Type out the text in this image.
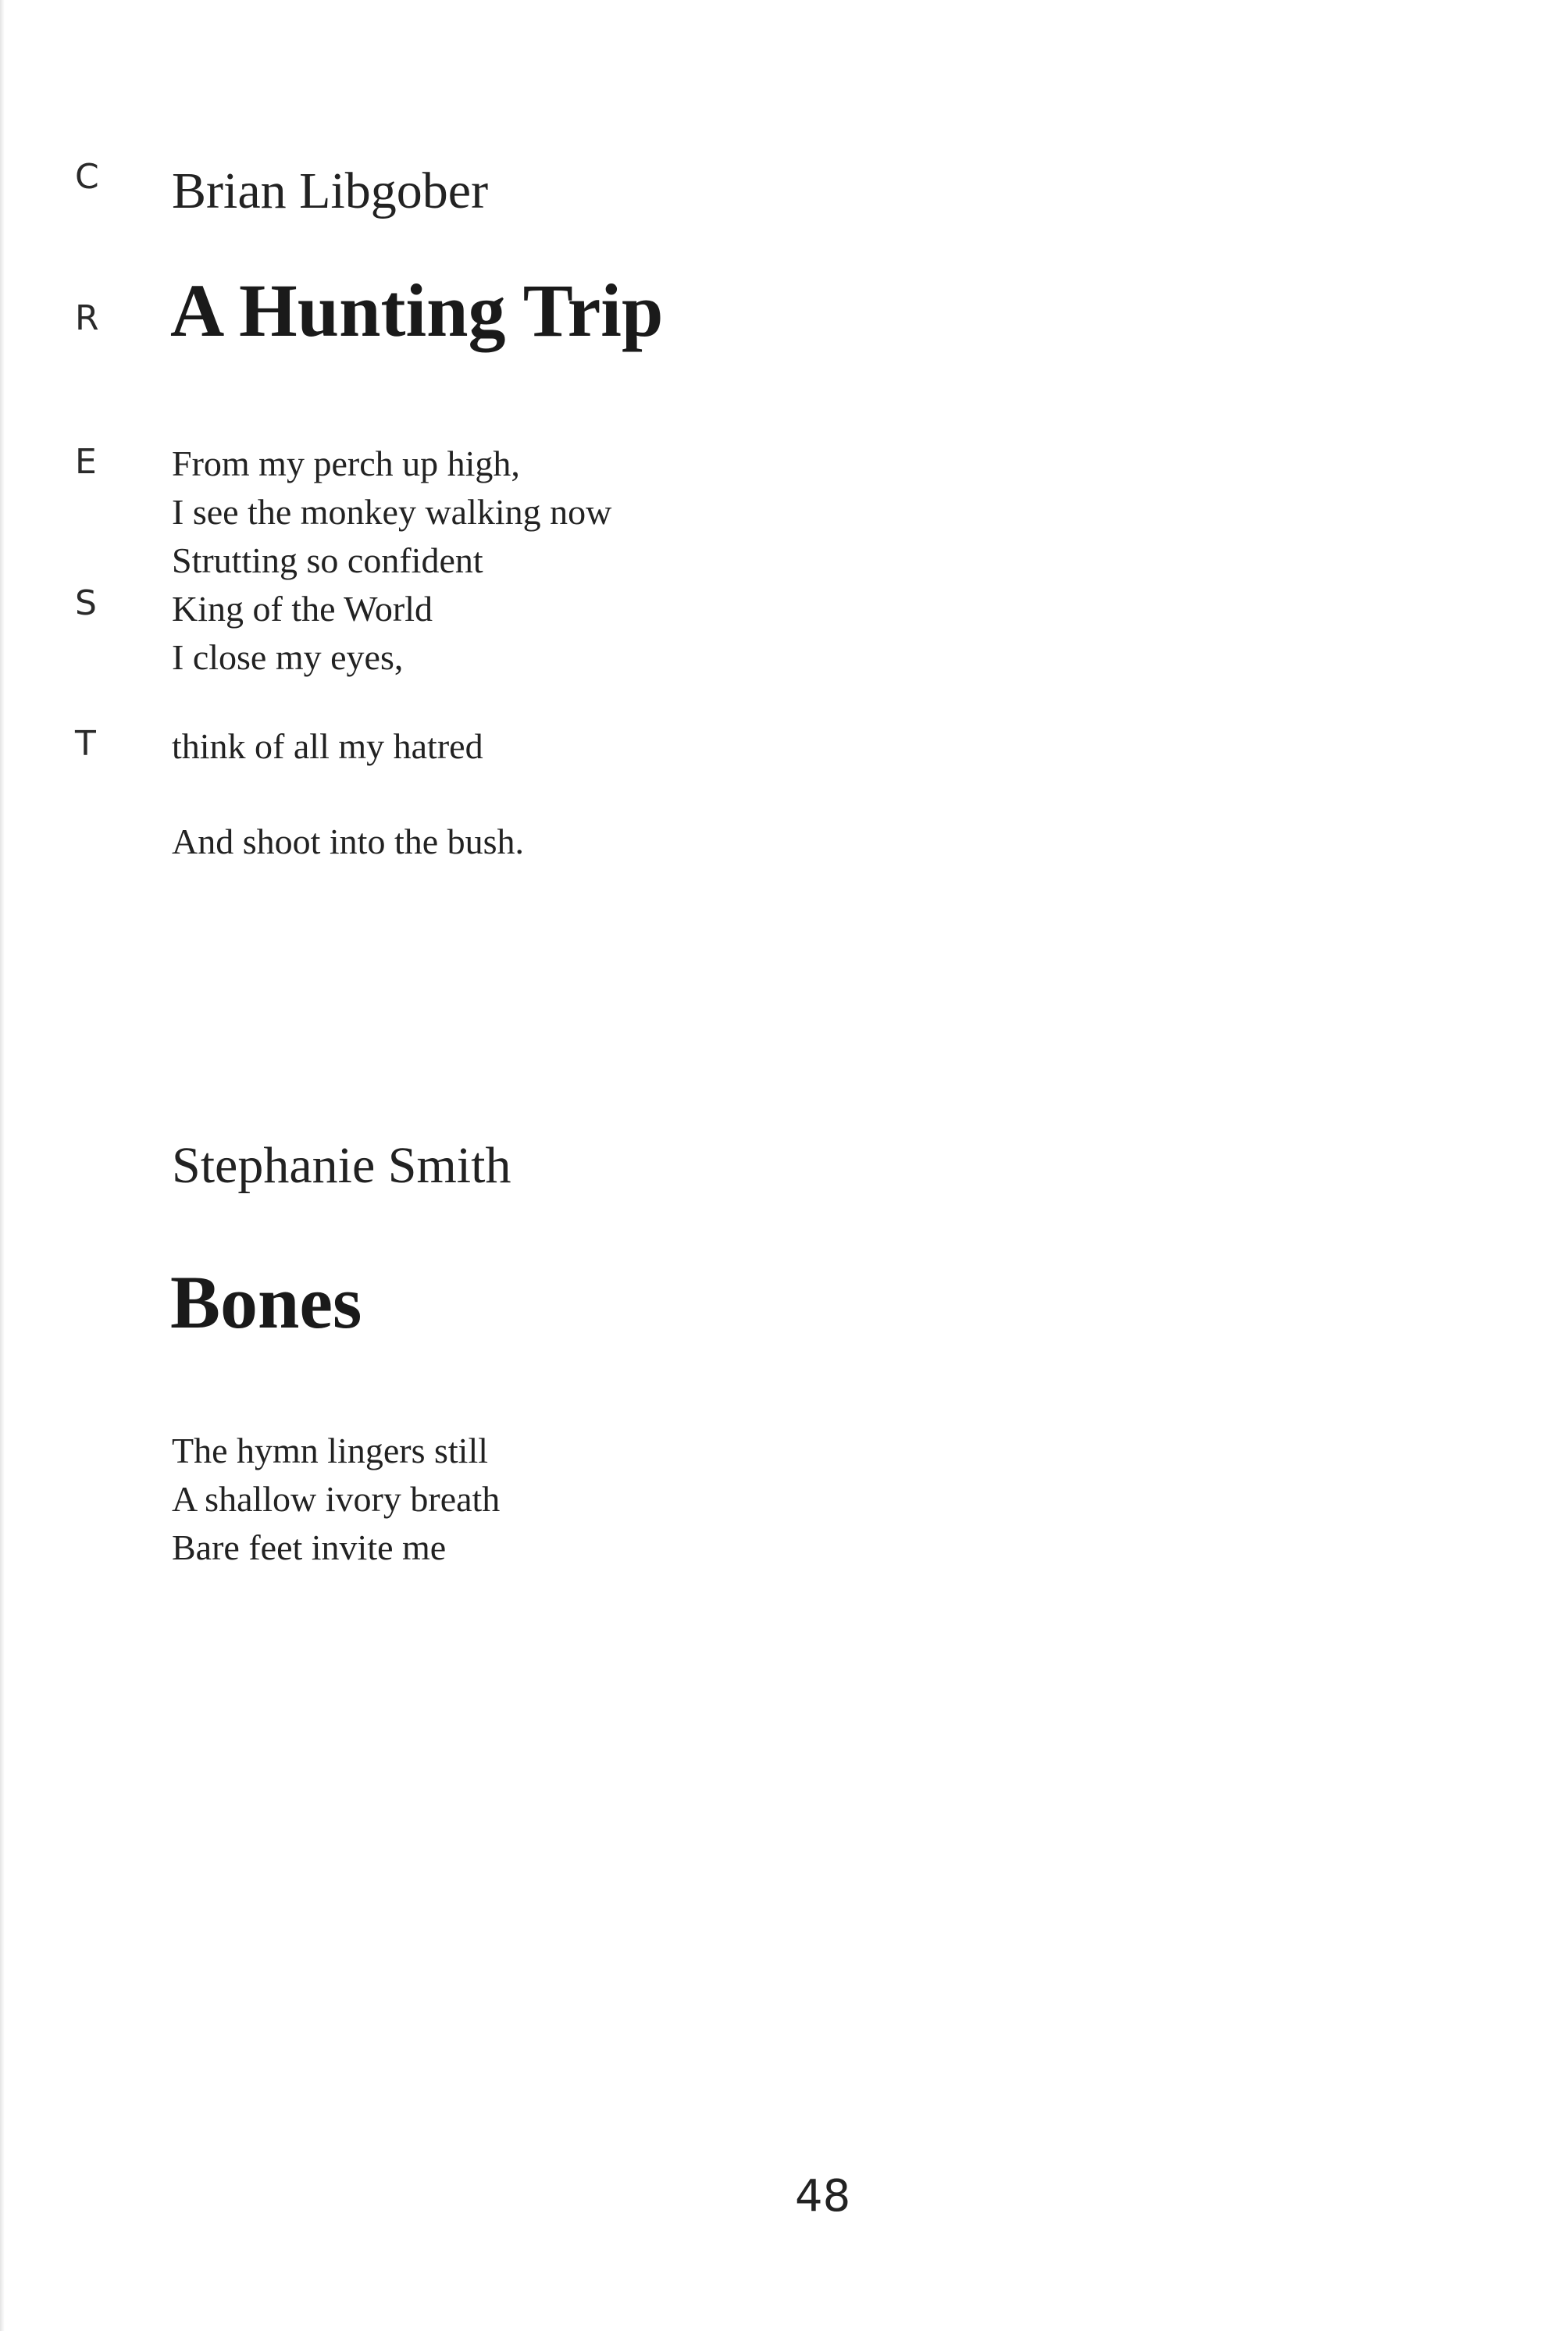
C
R
E
S
T
Brian Libgober
A Hunting Trip
From my perch up high,
I see the monkey walking now
Strutting so confident
King of the World
I close my eyes,
think of all my hatred
And shoot into the bush.
Stephanie Smith
Bones
The hymn lingers still
A shallow ivory breath
Bare feet invite me
48
